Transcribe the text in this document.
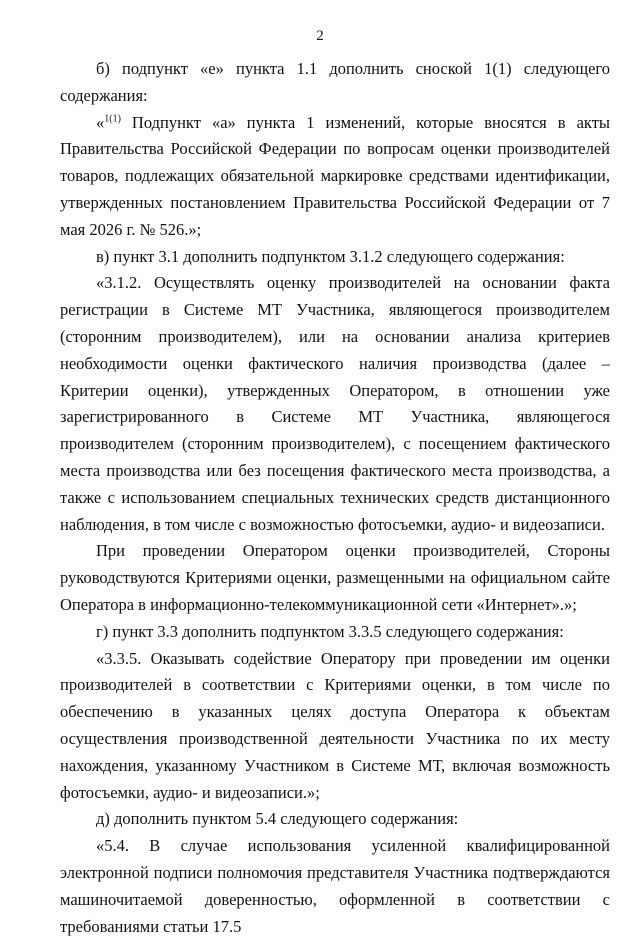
2

б) подпункт «е» пункта 1.1 дополнить сноской 1(1) следующего содержания:

« $^{1(1)}$ Подпункт «а» пункта 1 изменений, которые вносятся в акты Правительства Российской Федерации по вопросам оценки производителей товаров, подлежащих обязательной маркировке средствами идентификации, утвержденных постановлением Правительства Российской Федерации от 7 мая 2026 г. № 526.»;

в) пункт 3.1 дополнить подпунктом 3.1.2 следующего содержания:

«3.1.2. Осуществлять оценку производителей на основании факта регистрации в Системе МТ Участника, являющегося производителем (сторонним производителем), или на основании анализа критериев необходимости оценки фактического наличия производства (далее – Критерии оценки), утвержденных Оператором, в отношении уже зарегистрированного в Системе МТ Участника, являющегося производителем (сторонним производителем), с посещением фактического места производства или без посещения фактического места производства, а также с использованием специальных технических средств дистанционного наблюдения, в том числе с возможностью фотосъемки, аудио- и видеозаписи.

При проведении Оператором оценки производителей, Стороны руководствуются Критериями оценки, размещенными на официальном сайте Оператора в информационно-телекоммуникационной сети «Интернет».»;

г) пункт 3.3 дополнить подпунктом 3.3.5 следующего содержания:

«3.3.5. Оказывать содействие Оператору при проведении им оценки производителей в соответствии с Критериями оценки, в том числе по обеспечению в указанных целях доступа Оператора к объектам осуществления производственной деятельности Участника по их месту нахождения, указанному Участником в Системе МТ, включая возможность фотосъемки, аудио- и видеозаписи.»;

д) дополнить пунктом 5.4 следующего содержания:

«5.4. В случае использования усиленной квалифицированной электронной подписи полномочия представителя Участника подтверждаются машиночитаемой доверенностью, оформленной в соответствии с требованиями статьи 17.5
